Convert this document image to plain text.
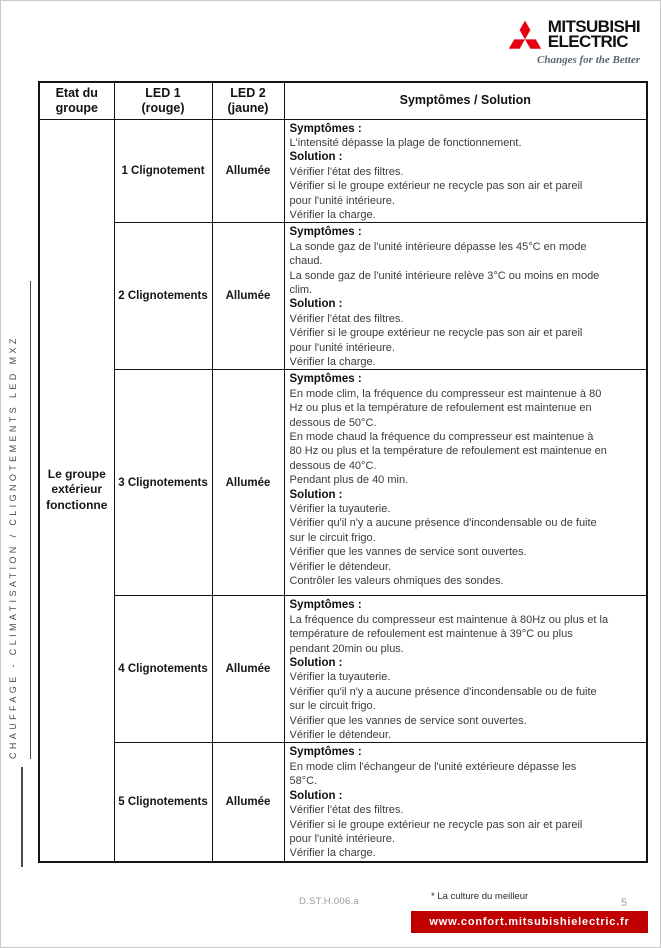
MITSUBISHI
ELECTRIC
Changes for the Better
CHAUFFAGE - CLIMATISATION / CLIGNOTEMENTS LED MXZ
Etat du
groupe

LED 1
(rouge)

LED 2
(jaune)

Symptômes / Solution

Le groupe extérieur fonctionne	1 Clignotement	Allumée	
Symptômes :
L'intensité dépasse la plage de fonctionnement.
Solution :
Vérifier l'état des filtres.
Vérifier si le groupe extérieur ne recycle pas son air et pareil
pour l'unité intérieure.
Vérifier la charge.

2 Clignotements	Allumée	
Symptômes :
La sonde gaz de l'unité intérieure dépasse les 45°C en mode
chaud.
La sonde gaz de l'unité intérieure relève 3°C ou moins en mode
clim.
Solution :
Vérifier l'état des filtres.
Vérifier si le groupe extérieur ne recycle pas son air et pareil
pour l'unité intérieure.
Vérifier la charge.

3 Clignotements	Allumée	
Symptômes :
En mode clim, la fréquence du compresseur est maintenue à 80
Hz ou plus et la température de refoulement est maintenue en
dessous de 50°C.
En mode chaud la fréquence du compresseur est maintenue à
80 Hz ou plus et la température de refoulement est maintenue en
dessous de 40°C.
Pendant plus de 40 min.
Solution :
Vérifier la tuyauterie.
Vérifier qu'il n'y a aucune présence d'incondensable ou de fuite
sur le circuit frigo.
Vérifier que les vannes de service sont ouvertes.
Vérifier le détendeur.
Contrôler les valeurs ohmiques des sondes.

4 Clignotements	Allumée	
Symptômes :
La fréquence du compresseur est maintenue à 80Hz ou plus et la
température de refoulement est maintenue à 39°C ou plus
pendant 20min ou plus.
Solution :
Vérifier la tuyauterie.
Vérifier qu'il n'y a aucune présence d'incondensable ou de fuite
sur le circuit frigo.
Vérifier que les vannes de service sont ouvertes.
Vérifier le détendeur.

5 Clignotements	Allumée	
Symptômes :
En mode clim l'échangeur de l'unité extérieure dépasse les
58°C.
Solution :
Vérifier l'état des filtres.
Vérifier si le groupe extérieur ne recycle pas son air et pareil
pour l'unité intérieure.
Vérifier la charge.
D.ST.H.006.a	* La culture du meilleur
5
www.confort.mitsubishielectric.fr
